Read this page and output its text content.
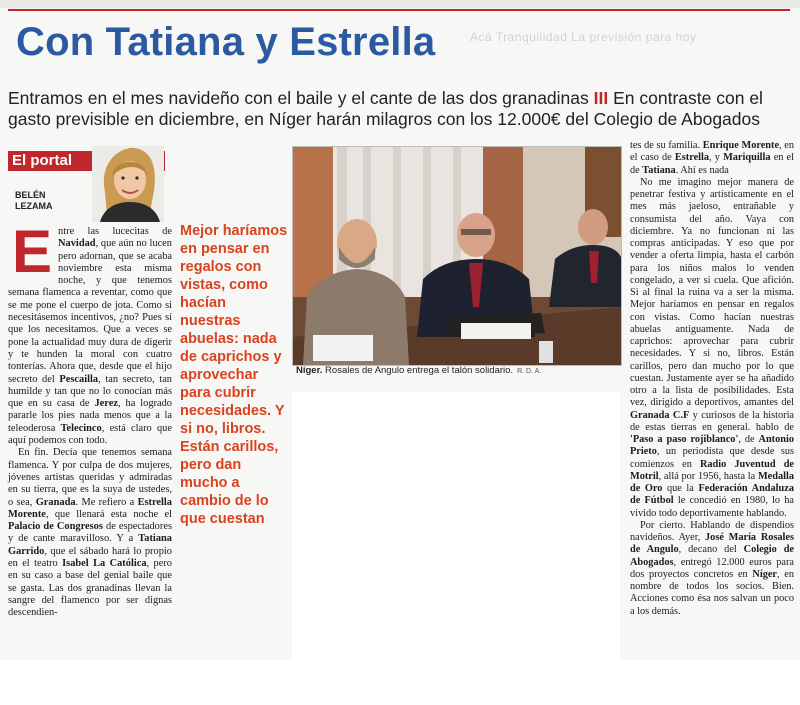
Acá Tranquilidad La previsión para hoy
Con Tatiana y Estrella
Entramos en el mes navideño con el baile y el cante de las dos granadinas III En contraste con el gasto previsible en diciembre, en Níger harán milagros con los 12.000€ del Colegio de Abogados
El portal
BELÉN
LEZAMA

Entre las lucecitas de Navidad, que aún no lucen pero adornan, que se acaba noviembre esta misma noche, y que tenemos semana flamenca a reventar, como que se me pone el cuerpo de jota. Como si necesitásemos incentivos, ¿no? Pues sí que los necesitamos. Que a veces se pone la actualidad muy dura de digerir y te hunden la moral con cuatro tonterías. Ahora que, desde que el hijo secreto del Pescailla, tan secreto, tan humilde y tan que no lo conocían más que en su casa de Jerez, ha logrado pararle los pies nada menos que a la teleoderosa Telecinco, está claro que aquí podemos con todo.

En fin. Decía que tenemos semana flamenca. Y por culpa de dos mujeres, jóvenes artistas queridas y admiradas en su tierra, que es la suya de ustedes, o sea, Granada. Me refiero a Estrella Morente, que llenará esta noche el Palacio de Congresos de espectadores y de cante maravilloso. Y a Tatiana Garrido, que el sábado hará lo propio en el teatro Isabel La Católica, pero en su caso a base del genial baile que se gasta. Las dos granadinas llevan la sangre del flamenco por ser dignas descendien-

Mejor haríamos en pensar en regalos con vistas, como hacían nuestras abuelas: nada de caprichos y aprovechar para cubrir necesidades. Y si no, libros. Están carillos, pero dan mucho a cambio de lo que cuestan
Níger. Rosales de Angulo entrega el talón solidario. R. D. A.

tes de su familia. Enrique Morente, en el caso de Estrella, y Mariquilla en el de Tatiana. Ahí es nada

No me imagino mejor manera de penetrar festiva y artísticamente en el mes más jaeloso, entrañable y consumista del año. Vaya con diciembre. Ya no funcionan ni las compras anticipadas. Y eso que por vender a oferta limpia, hasta el carbón para los niños malos lo venden congelado, a ver si cuela. Que afición. Si al final la ruina va a ser la misma. Mejor haríamos en pensar en regalos con vistas. Como hacían nuestras abuelas antiguamente. Nada de caprichos: aprovechar para cubrir necesidades. Y si no, libros. Están carillos, pero dan mucho por lo que cuestan. Justamente ayer se ha añadido otro a la lista de posibilidades. Esta vez, dirigido a deportivos, amantes del Granada C.F y curiosos de la historia de estas tierras en general. hablo de 'Paso a paso rojiblanco', de Antonio Prieto, un periodista que desde sus comienzos en Radio Juventud de Motril, allá por 1956, hasta la Medalla de Oro que la Federación Andaluza de Fútbol le concedió en 1980, lo ha vivido todo deportivamente hablando.

Por cierto. Hablando de dispendios navideños. Ayer, José María Rosales de Angulo, decano del Colegio de Abogados, entregó 12.000 euros para dos proyectos concretos en Níger, en nombre de todos los socios. Bien. Acciones como ésa nos salvan un poco a los demás.
